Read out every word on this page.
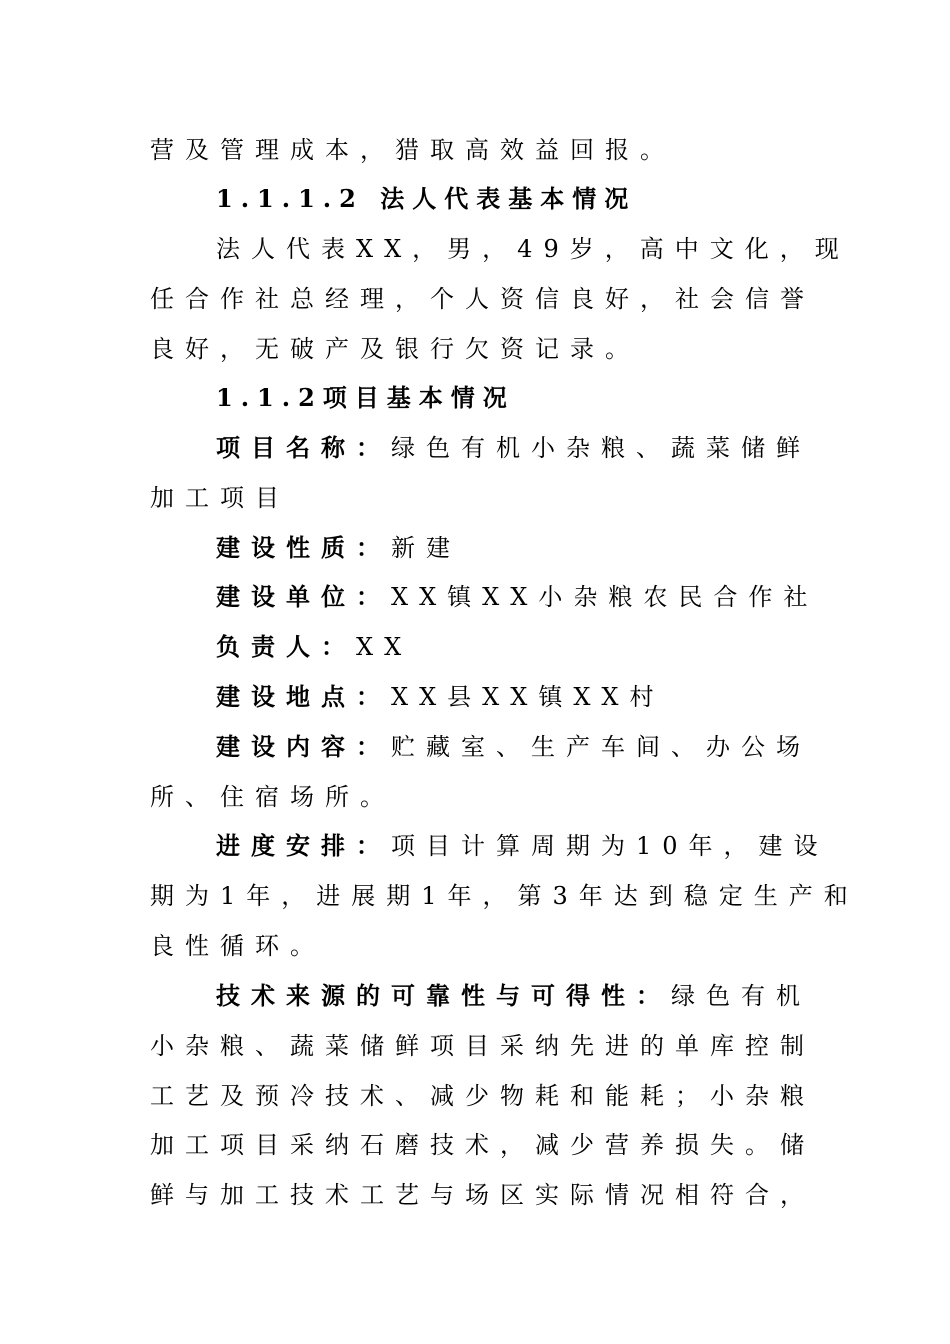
营及管理成本，猎取高效益回报。
1.1.1.2 法人代表基本情况
法人代表XX，男，49岁，高中文化，现
任合作社总经理，个人资信良好，社会信誉
良好，无破产及银行欠资记录。
1.1.2项目基本情况
项目名称：绿色有机小杂粮、蔬菜储鲜
加工项目
建设性质：新建
建设单位：XX镇XX小杂粮农民合作社
负责人：XX
建设地点：XX县XX镇XX村
建设内容：贮藏室、生产车间、办公场
所、住宿场所。
进度安排：项目计算周期为10年，建设
期为1年，进展期1年，第3年达到稳定生产和
良性循环。
技术来源的可靠性与可得性：绿色有机
小杂粮、蔬菜储鲜项目采纳先进的单库控制
工艺及预冷技术、减少物耗和能耗；小杂粮
加工项目采纳石磨技术，减少营养损失。储
鲜与加工技术工艺与场区实际情况相符合，
